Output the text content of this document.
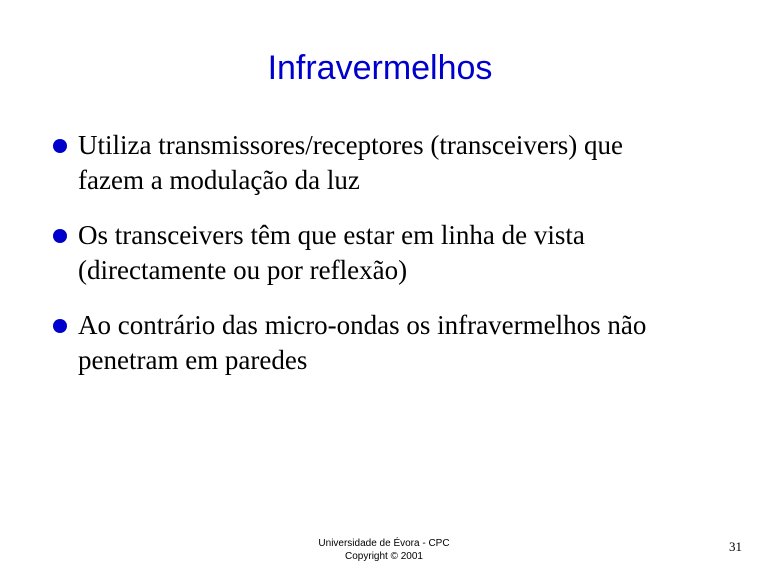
Infravermelhos

Utiliza transmissores/receptores (transceivers) que
fazem a modulação da luz

Os transceivers têm que estar em linha de vista
(directamente ou por reflexão)

Ao contrário das micro-ondas os infravermelhos não
penetram em paredes

Universidade de Évora - CPC
Copyright © 2001
31
